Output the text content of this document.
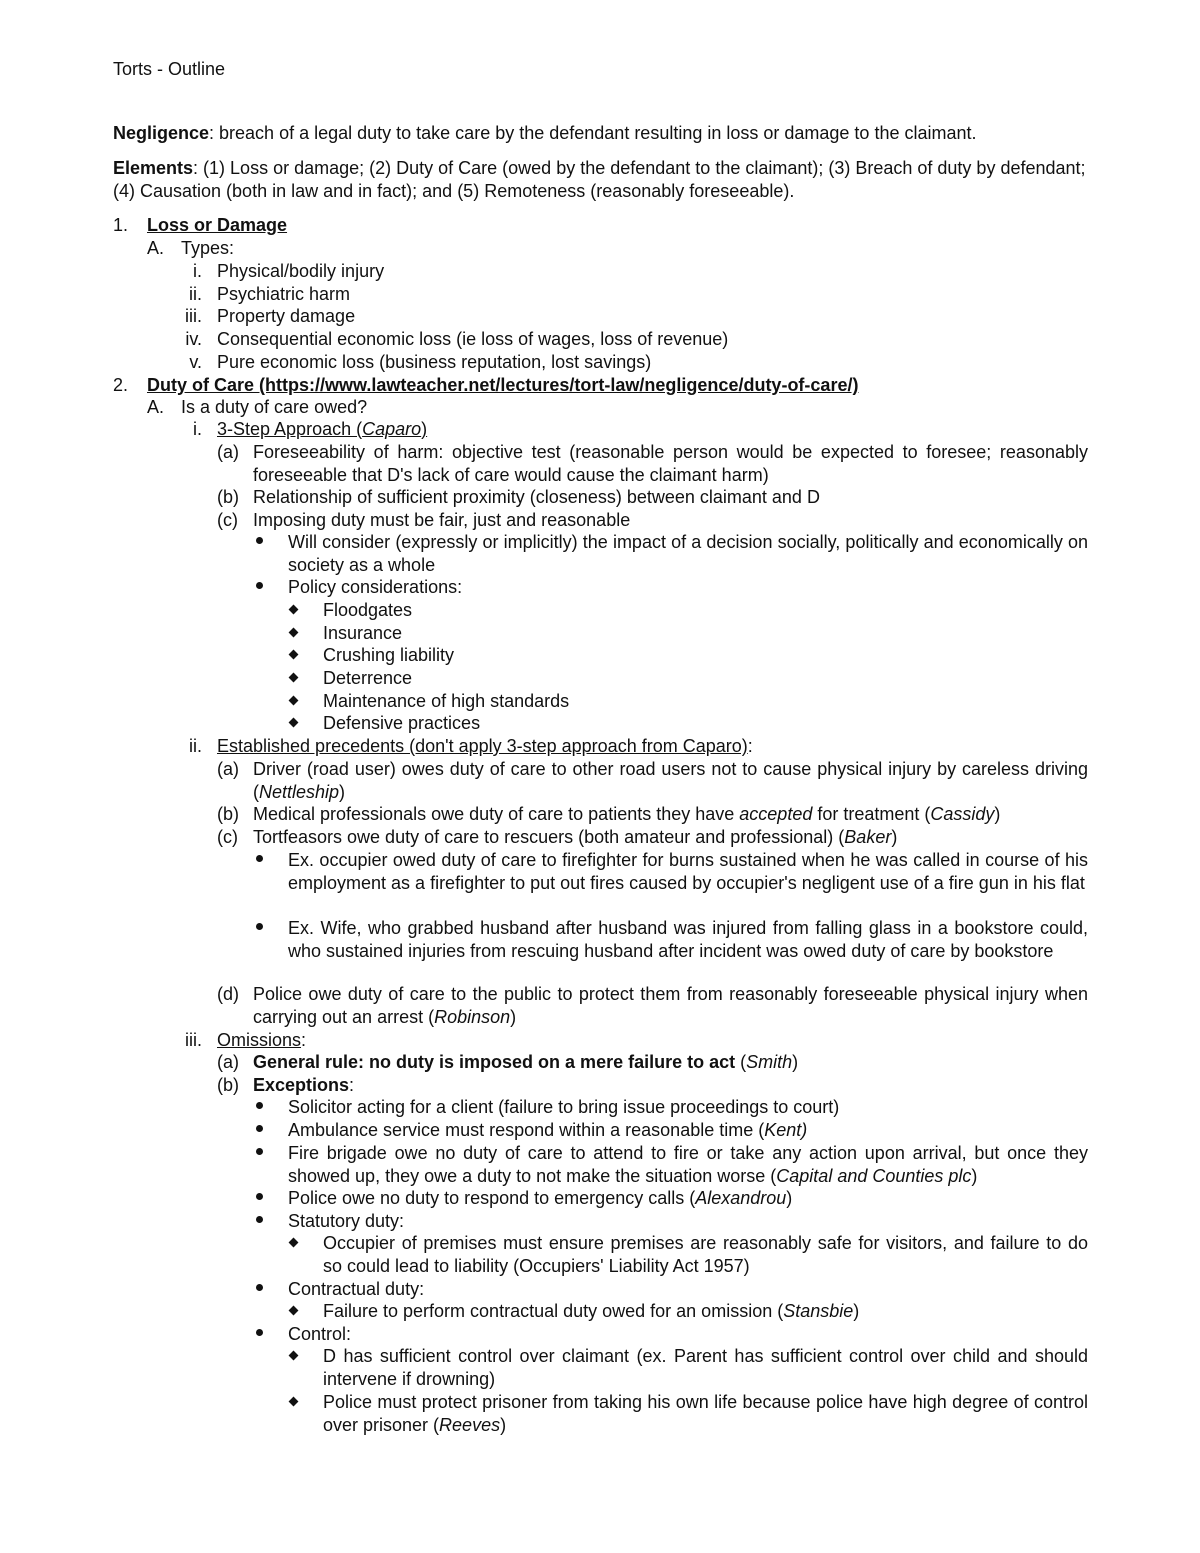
Torts - Outline
Negligence: breach of a legal duty to take care by the defendant resulting in loss or damage to the claimant.
Elements: (1) Loss or damage; (2) Duty of Care (owed by the defendant to the claimant); (3) Breach of duty by defendant; (4) Causation (both in law and in fact); and (5) Remoteness (reasonably foreseeable).
1. Loss or Damage
A. Types:
i. Physical/bodily injury
ii. Psychiatric harm
iii. Property damage
iv. Consequential economic loss (ie loss of wages, loss of revenue)
v. Pure economic loss (business reputation, lost savings)
2. Duty of Care (https://www.lawteacher.net/lectures/tort-law/negligence/duty-of-care/)
A. Is a duty of care owed?
i. 3-Step Approach (Caparo)
(a) Foreseeability of harm: objective test (reasonable person would be expected to foresee; reasonably foreseeable that D's lack of care would cause the claimant harm)
(b) Relationship of sufficient proximity (closeness) between claimant and D
(c) Imposing duty must be fair, just and reasonable
Will consider (expressly or implicitly) the impact of a decision socially, politically and economically on society as a whole
Policy considerations:
Floodgates
Insurance
Crushing liability
Deterrence
Maintenance of high standards
Defensive practices
ii. Established precedents (don't apply 3-step approach from Caparo):
(a) Driver (road user) owes duty of care to other road users not to cause physical injury by careless driving (Nettleship)
(b) Medical professionals owe duty of care to patients they have accepted for treatment (Cassidy)
(c) Tortfeasors owe duty of care to rescuers (both amateur and professional) (Baker)
Ex. occupier owed duty of care to firefighter for burns sustained when he was called in course of his employment as a firefighter to put out fires caused by occupier's negligent use of a fire gun in his flat
Ex. Wife, who grabbed husband after husband was injured from falling glass in a bookstore could, who sustained injuries from rescuing husband after incident was owed duty of care by bookstore
(d) Police owe duty of care to the public to protect them from reasonably foreseeable physical injury when carrying out an arrest (Robinson)
iii. Omissions:
(a) General rule: no duty is imposed on a mere failure to act (Smith)
(b) Exceptions:
Solicitor acting for a client (failure to bring issue proceedings to court)
Ambulance service must respond within a reasonable time (Kent)
Fire brigade owe no duty of care to attend to fire or take any action upon arrival, but once they showed up, they owe a duty to not make the situation worse (Capital and Counties plc)
Police owe no duty to respond to emergency calls (Alexandrou)
Statutory duty:
Occupier of premises must ensure premises are reasonably safe for visitors, and failure to do so could lead to liability (Occupiers' Liability Act 1957)
Contractual duty:
Failure to perform contractual duty owed for an omission (Stansbie)
Control:
D has sufficient control over claimant (ex. Parent has sufficient control over child and should intervene if drowning)
Police must protect prisoner from taking his own life because police have high degree of control over prisoner (Reeves)
